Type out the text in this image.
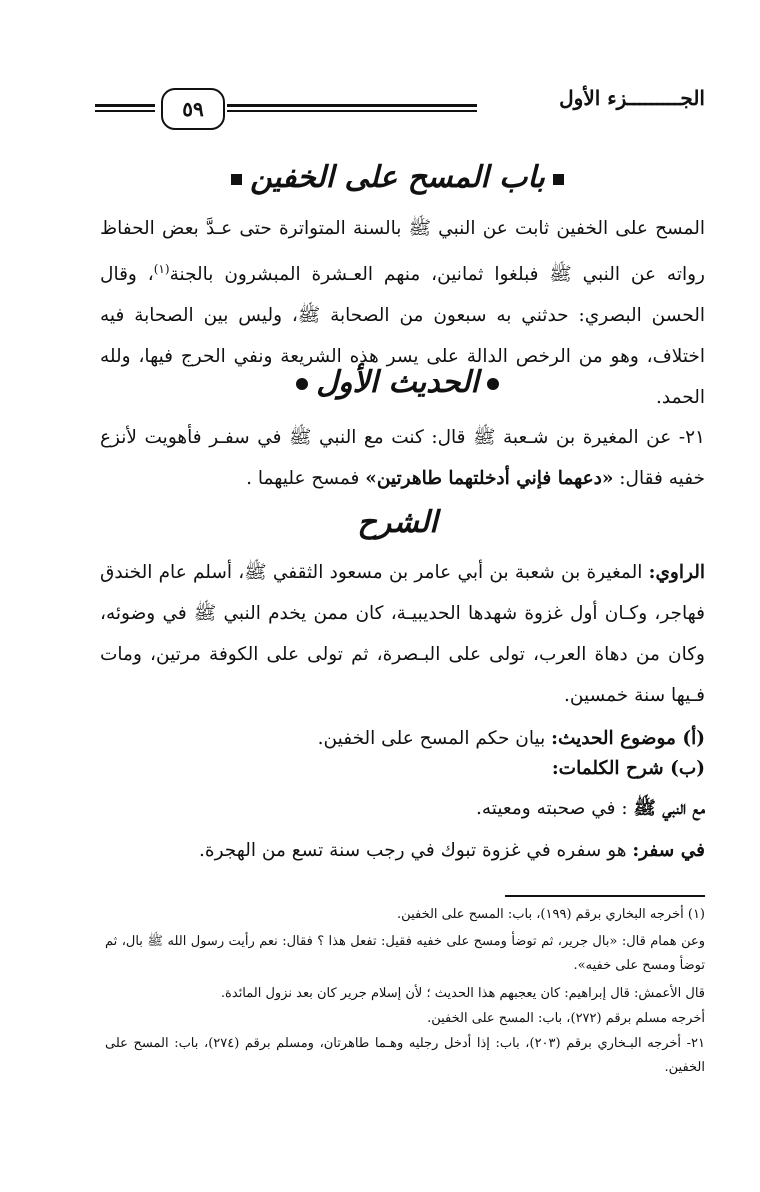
الجـــــــــزء الأول
٥٩
باب المسح على الخفين
المسح على الخفين ثابت عن النبي ﷺ بالسنة المتواترة حتى عـدَّ بعض الحفاظ رواته عن النبي ﷺ فبلغوا ثمانين، منهم العـشرة المبشرون بالجنة$^{(١)}$، وقال الحسن البصري: حدثني به سبعون من الصحابة ﷺ، وليس بين الصحابة فيه اختلاف، وهو من الرخص الدالة على يسر هذه الشريعة ونفي الحرج فيها، ولله الحمد.
الحديث الأول
٢١- عن المغيرة بن شـعبة ﷺ قال: كنت مع النبي ﷺ في سفـر فأهويت لأنزع خفيه فقال: «دعهما فإني أدخلتهما طاهرتين» فمسح عليهما .
الشرح
الراوي: المغيرة بن شعبة بن أبي عامر بن مسعود الثقفي ﷺ، أسلم عام الخندق فهاجر، وكـان أول غزوة شهدها الحديبيـة، كان ممن يخدم النبي ﷺ في وضوئه، وكان من دهاة العرب، تولى على البـصرة، ثم تولى على الكوفة مرتين، ومات فـيها سنة خمسين.
(أ) موضوع الحديث: بيان حكم المسح على الخفين.
(ب) شرح الكلمات:
مع النبي ﷺ : في صحبته ومعيته.
في سفر: هو سفره في غزوة تبوك في رجب سنة تسع من الهجرة.
(١) أخرجه البخاري برقم (١٩٩)، باب: المسح على الخفين.
وعن همام قال: «بال جرير، ثم توضأ ومسح على خفيه فقيل: تفعل هذا ؟ فقال: نعم رأيت رسول الله ﷺ بال، ثم توضأ ومسح على خفيه».
قال الأعمش: قال إبراهيم: كان يعجبهم هذا الحديث ؛ لأن إسلام جرير كان بعد نزول المائدة.
أخرجه مسلم برقم (٢٧٢)، باب: المسح على الخفين.
٢١- أخرجه البـخاري برقم (٢٠٣)، باب: إذا أدخل رجليه وهـما طاهرتان، ومسلم برقم (٢٧٤)، باب: المسح على الخفين.
